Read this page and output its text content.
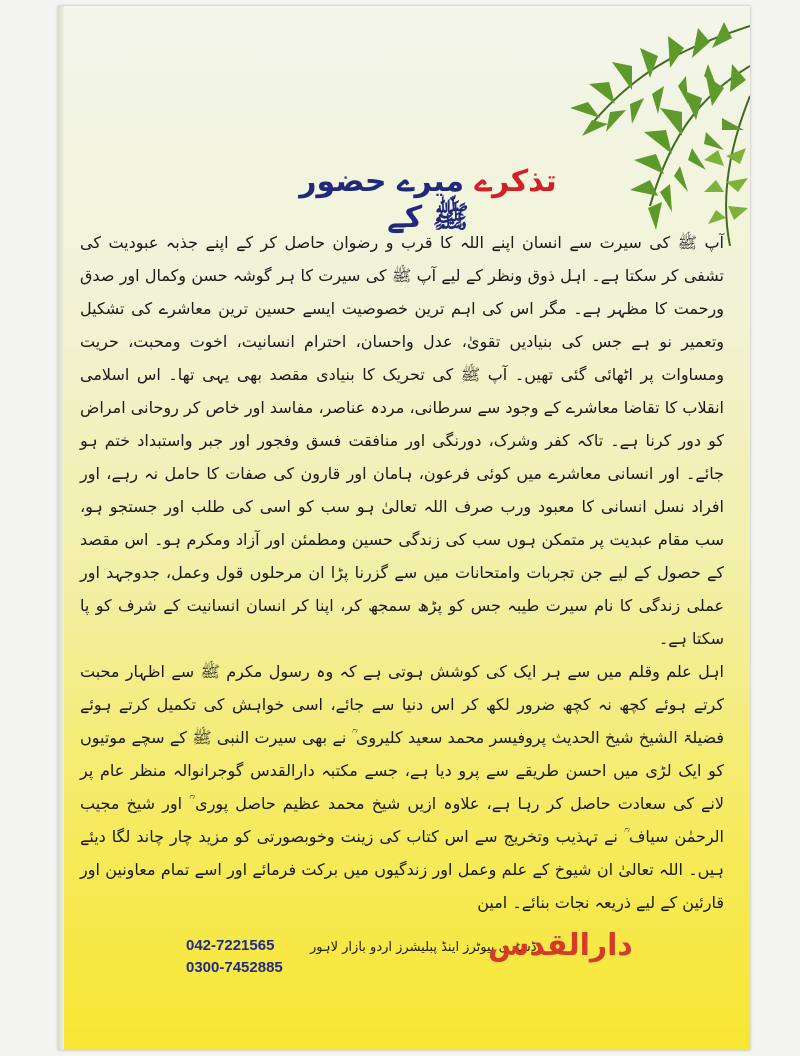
تذکرے میرے حضور ﷺ کے

آپ ﷺ کی سیرت سے انسان اپنے اللہ کا قرب و رضوان حاصل کر کے اپنے جذبہ عبودیت کی تشفی کر سکتا ہے۔ اہل ذوق ونظر کے لیے آپ ﷺ کی سیرت کا ہر گوشہ حسن وکمال اور صدق ورحمت کا مظہر ہے۔ مگر اس کی اہم ترین خصوصیت ایسے حسین ترین معاشرے کی تشکیل وتعمیر نو ہے جس کی بنیادیں تقویٰ، عدل واحسان، احترام انسانیت، اخوت ومحبت، حریت ومساوات پر اٹھائی گئی تھیں۔ آپ ﷺ کی تحریک کا بنیادی مقصد بھی یہی تھا۔ اس اسلامی انقلاب کا تقاضا معاشرے کے وجود سے سرطانی، مردہ عناصر، مفاسد اور خاص کر روحانی امراض کو دور کرنا ہے۔ تاکہ کفر وشرک، دورنگی اور منافقت فسق وفجور اور جبر واستبداد ختم ہو جائے۔ اور انسانی معاشرے میں کوئی فرعون، ہامان اور قارون کی صفات کا حامل نہ رہے، اور افراد نسل انسانی کا معبود ورب صرف اللہ تعالیٰ ہو سب کو اسی کی طلب اور جستجو ہو، سب مقام عبدیت پر متمکن ہوں سب کی زندگی حسین ومطمئن اور آزاد ومکرم ہو۔ اس مقصد کے حصول کے لیے جن تجربات وامتحانات میں سے گزرنا پڑا ان مرحلوں قول وعمل، جدوجہد اور عملی زندگی کا نام سیرت طیبہ جس کو پڑھ سمجھ کر، اپنا کر انسان انسانیت کے شرف کو پا سکتا ہے۔

اہل علم وقلم میں سے ہر ایک کی کوشش ہوتی ہے کہ وہ رسول مکرم ﷺ سے اظہار محبت کرتے ہوئے کچھ نہ کچھ ضرور لکھ کر اس دنیا سے جائے، اسی خواہش کی تکمیل کرتے ہوئے فضیلۃ الشیخ شیخ الحدیث پروفیسر محمد سعید کلیروی ؒ نے بھی سیرت النبی ﷺ کے سچے موتیوں کو ایک لڑی میں احسن طریقے سے پرو دیا ہے، جسے مکتبہ دارالقدس گوجرانوالہ منظر عام پر لانے کی سعادت حاصل کر رہا ہے، علاوہ ازیں شیخ محمد عظیم حاصل پوری ؒ اور شیخ مجیب الرحمٰن سیاف ؒ نے تہذیب وتخریج سے اس کتاب کی زینت وخوبصورتی کو مزید چار چاند لگا دیئے ہیں۔ اللہ تعالیٰ ان شیوخ کے علم وعمل اور زندگیوں میں برکت فرمائے اور اسے تمام معاونین اور قارئین کے لیے ذریعہ نجات بنائے۔ امین

042-7221565
0300-7452885
ڈسٹری بیوٹرز اینڈ پبلیشرز اردو بازار لاہور
دارالقدس
